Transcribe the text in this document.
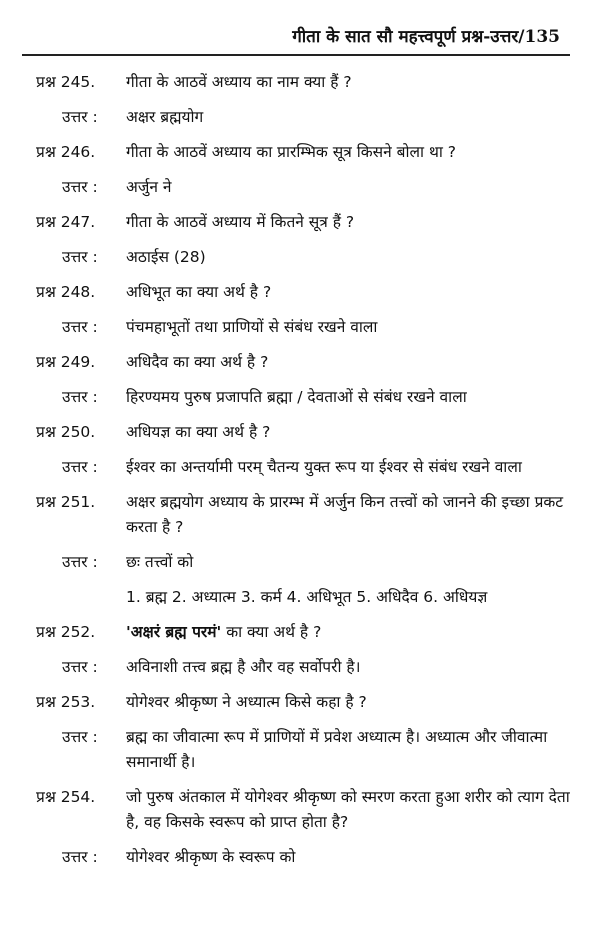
गीता के सात सौ महत्त्वपूर्ण प्रश्न-उत्तर/135
प्रश्न 245.	गीता के आठवें अध्याय का नाम क्या हैं ?
उत्तर :	अक्षर ब्रह्मयोग
प्रश्न 246.	गीता के आठवें अध्याय का प्रारम्भिक सूत्र किसने बोला था ?
उत्तर :	अर्जुन ने
प्रश्न 247.	गीता के आठवें अध्याय में कितने सूत्र हैं ?
उत्तर :	अठाईस (28)
प्रश्न 248.	अधिभूत का क्या अर्थ है ?
उत्तर :	पंचमहाभूतों तथा प्राणियों से संबंध रखने वाला
प्रश्न 249.	अधिदैव का क्या अर्थ है ?
उत्तर :	हिरण्यमय पुरुष प्रजापति ब्रह्मा / देवताओं से संबंध रखने वाला
प्रश्न 250.	अधियज्ञ का क्या अर्थ है ?
उत्तर :	ईश्वर का अन्तर्यामी परम् चैतन्य युक्त रूप या ईश्वर से संबंध रखने वाला
प्रश्न 251.	अक्षर ब्रह्मयोग अध्याय के प्रारम्भ में अर्जुन किन तत्त्वों को जानने की इच्छा प्रकट करता है ?
उत्तर :	छः तत्त्वों को
1. ब्रह्म 2. अध्यात्म 3. कर्म 4. अधिभूत 5. अधिदैव 6. अधियज्ञ
प्रश्न 252.	'अक्षरं ब्रह्म परमं' का क्या अर्थ है ?
उत्तर :	अविनाशी तत्त्व ब्रह्म है और वह सर्वोपरी है।
प्रश्न 253.	योगेश्वर श्रीकृष्ण ने अध्यात्म किसे कहा है ?
उत्तर :	ब्रह्म का जीवात्मा रूप में प्राणियों में प्रवेश अध्यात्म है। अध्यात्म और जीवात्मा समानार्थी है।
प्रश्न 254.	जो पुरुष अंतकाल में योगेश्वर श्रीकृष्ण को स्मरण करता हुआ शरीर को त्याग देता है, वह किसके स्वरूप को प्राप्त होता है?
उत्तर :	योगेश्वर श्रीकृष्ण के स्वरूप को
